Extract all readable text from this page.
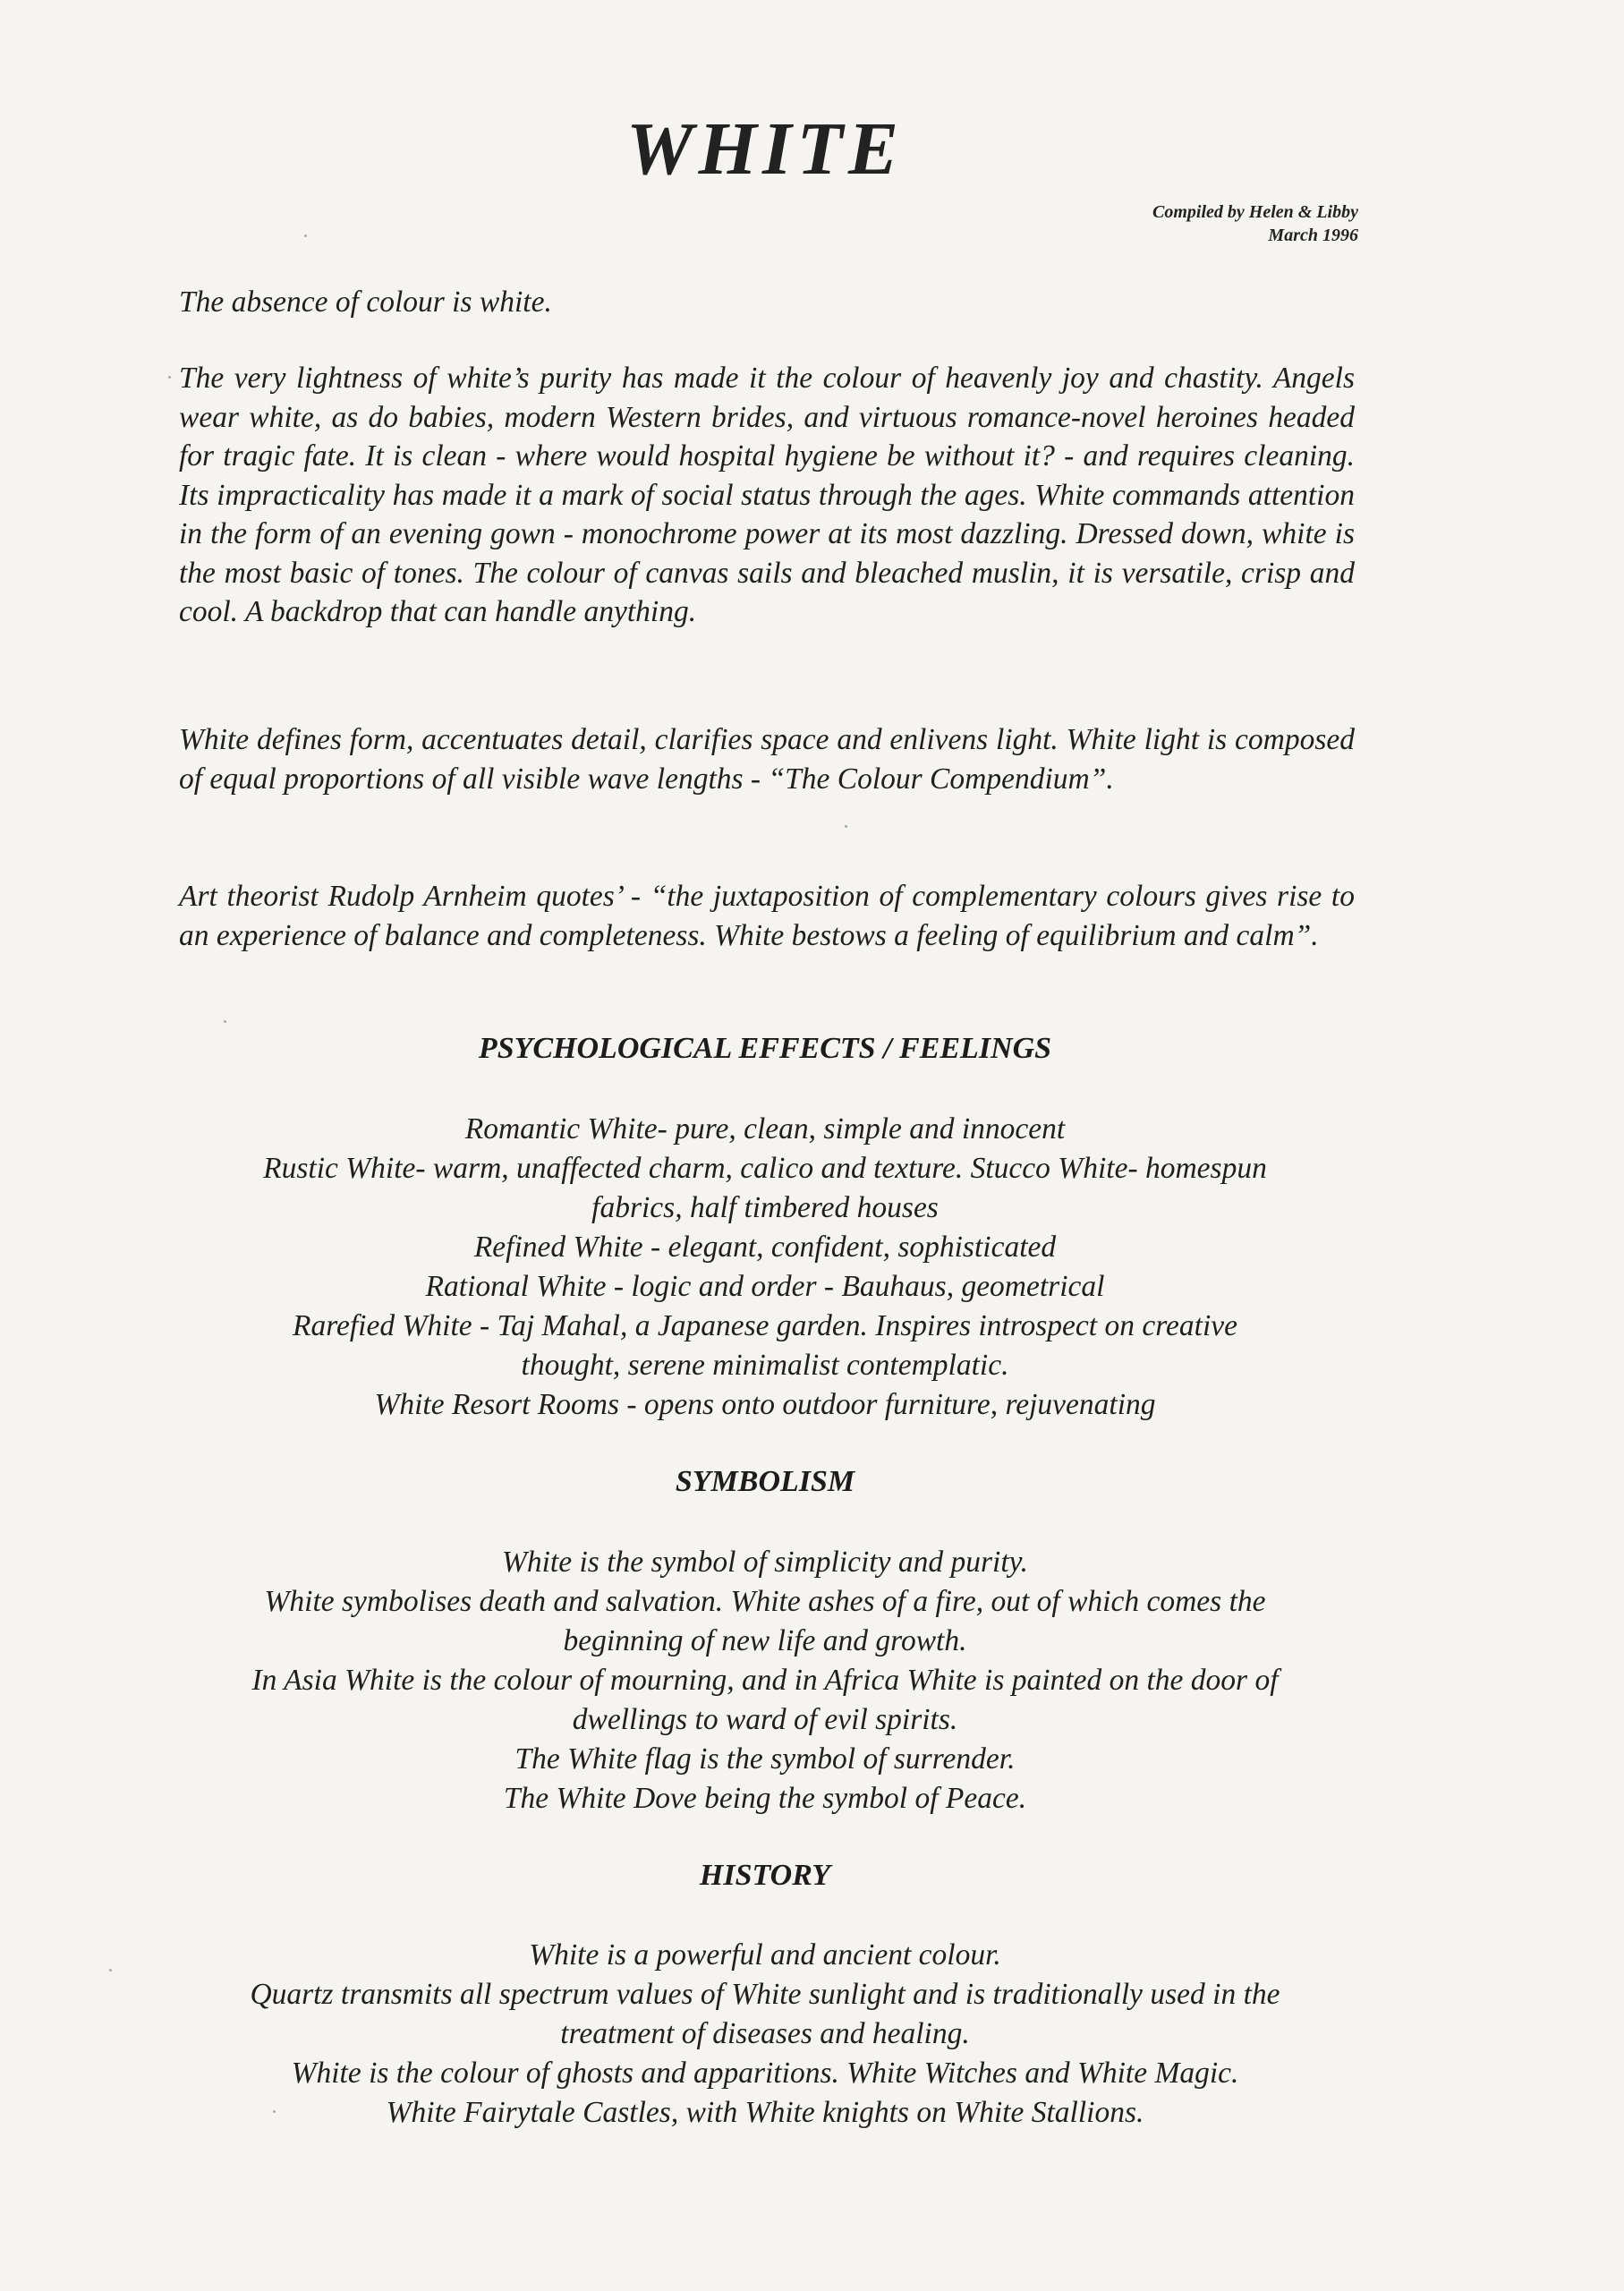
WHITE
Compiled by Helen & Libby
March 1996
The absence of colour is white.
The very lightness of white’s purity has made it the colour of heavenly joy and chastity. Angels wear white, as do babies, modern Western brides, and virtuous romance-novel heroines headed for tragic fate. It is clean - where would hospital hygiene be without it? - and requires cleaning. Its impracticality has made it a mark of social status through the ages. White commands attention in the form of an evening gown - monochrome power at its most dazzling. Dressed down, white is the most basic of tones. The colour of canvas sails and bleached muslin, it is versatile, crisp and cool. A backdrop that can handle anything.
White defines form, accentuates detail, clarifies space and enlivens light. White light is composed of equal proportions of all visible wave lengths - “The Colour Compendium”.
Art theorist Rudolp Arnheim quotes’ - “the juxtaposition of complementary colours gives rise to an experience of balance and completeness. White bestows a feeling of equilibrium and calm”.
PSYCHOLOGICAL EFFECTS / FEELINGS
Romantic White- pure, clean, simple and innocent
Rustic White- warm, unaffected charm, calico and texture. Stucco White- homespun
fabrics, half timbered houses
Refined White - elegant, confident, sophisticated
Rational White - logic and order - Bauhaus, geometrical
Rarefied White - Taj Mahal, a Japanese garden. Inspires introspect on creative
thought, serene minimalist contemplatic.
White Resort Rooms - opens onto outdoor furniture, rejuvenating
SYMBOLISM
White is the symbol of simplicity and purity.
White symbolises death and salvation. White ashes of a fire, out of which comes the
beginning of new life and growth.
In Asia White is the colour of mourning, and in Africa White is painted on the door of
dwellings to ward of evil spirits.
The White flag is the symbol of surrender.
The White Dove being the symbol of Peace.
HISTORY
White is a powerful and ancient colour.
Quartz transmits all spectrum values of White sunlight and is traditionally used in the
treatment of diseases and healing.
White is the colour of ghosts and apparitions. White Witches and White Magic.
White Fairytale Castles, with White knights on White Stallions.
